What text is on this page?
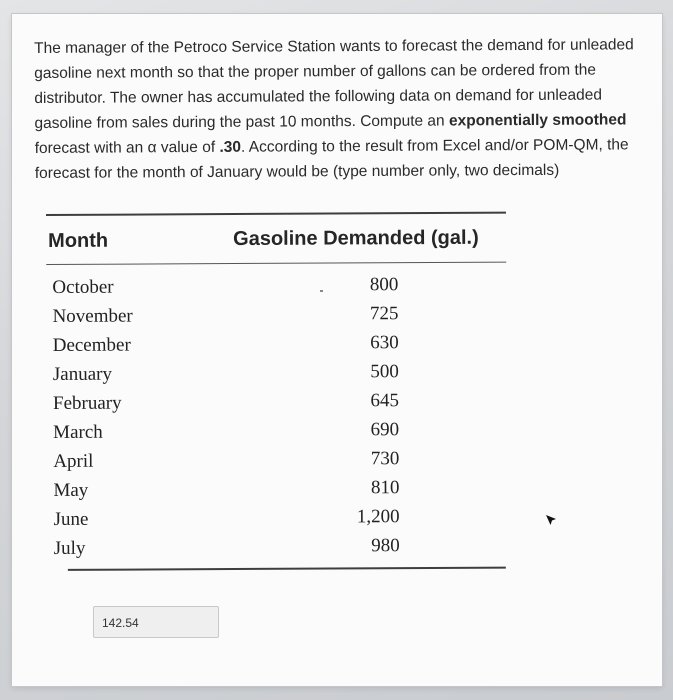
The manager of the Petroco Service Station wants to forecast the demand for unleaded gasoline next month so that the proper number of gallons can be ordered from the distributor. The owner has accumulated the following data on demand for unleaded gasoline from sales during the past 10 months. Compute an exponentially smoothed forecast with an α value of .30. According to the result from Excel and/or POM-QM, the forecast for the month of January would be (type number only, two decimals)
Month	Gasoline Demanded (gal.)
October	800
November	725
December	630
January	500
February	645
March	690
April	730
May	810
June	1,200
July	980
142.54
